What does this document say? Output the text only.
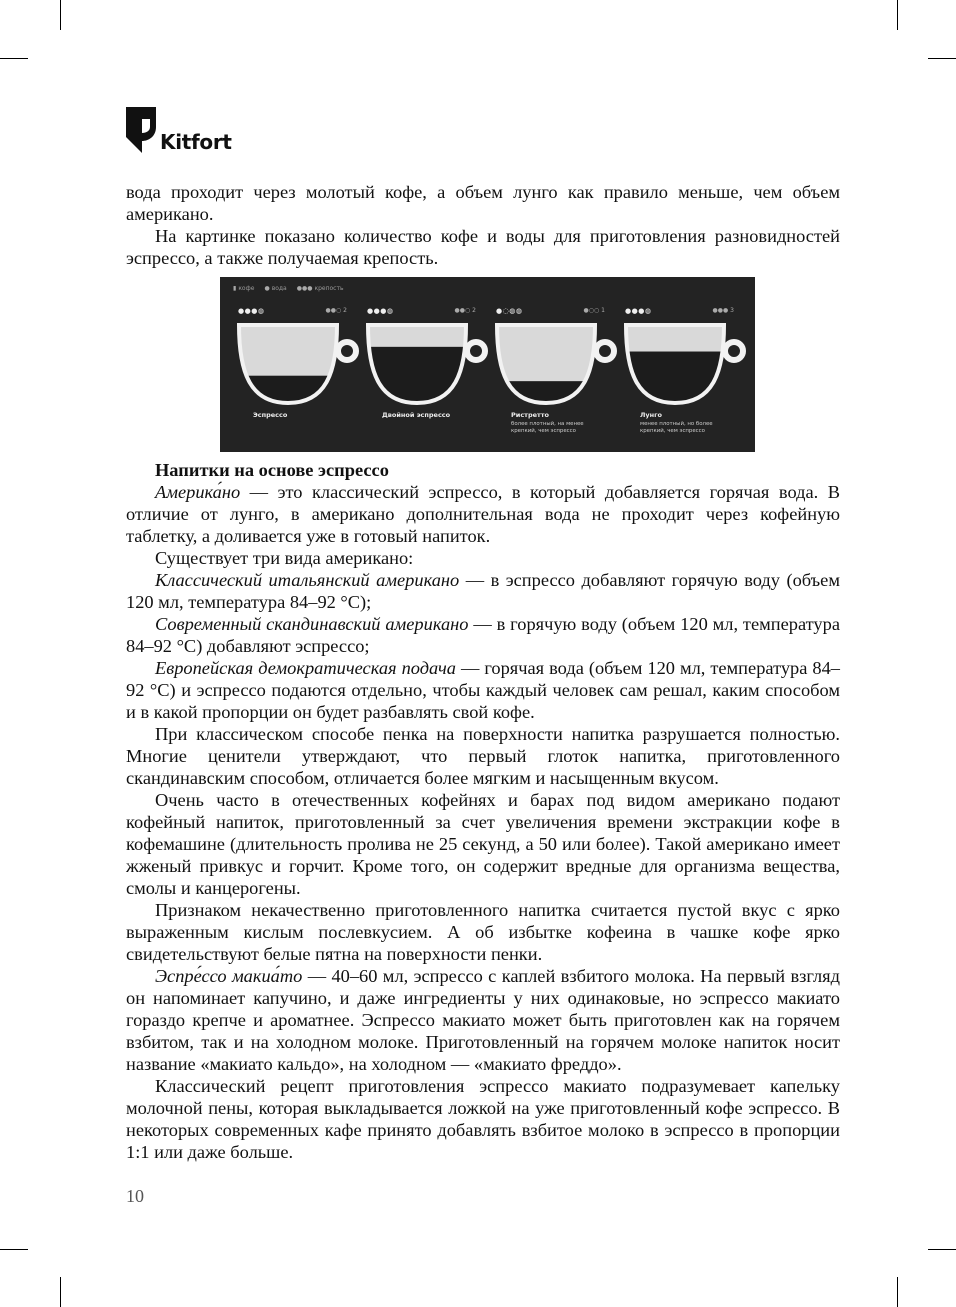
Kitfort

вода проходит через молотый кофе, а объем лунго как правило меньше, чем объем американо.

На картинке показано количество кофе и воды для приготовления разновидностей эспрессо, а также получаемая крепость.

▮ кофе ● вода ●●● крепость
●●●◍	●●○ 2
Эспрессо
●●●◍	●●○ 2
Двойной эспрессо
●◌◍◍	●○○ 1
Ристретто
более плотный, на менее крепкий, чем эспрессо
●●●◍	●●● 3
Лунго
менее плотный, но более крепкий, чем эспрессо
Напитки на основе эспрессо

Америка́но — это классический эспрессо, в который добавляется горячая вода. В отличие от лунго, в американо дополнительная вода не проходит через кофейную таблетку, а доливается уже в готовый напиток.

Существует три вида американо:

Классический итальянский американо — в эспрессо добавляют горячую воду (объем 120 мл, температура 84–92 °С);

Современный скандинавский американо — в горячую воду (объем 120 мл, температура 84–92 °С) добавляют эспрессо;

Европейская демократическая подача — горячая вода (объем 120 мл, температура 84–92 °С) и эспрессо подаются отдельно, чтобы каждый человек сам решал, каким способом и в какой пропорции он будет разбавлять свой кофе.

При классическом способе пенка на поверхности напитка разрушается полностью. Многие ценители утверждают, что первый глоток напитка, приготовленного скандинавским способом, отличается более мягким и насыщенным вкусом.

Очень часто в отечественных кофейнях и барах под видом американо подают кофейный напиток, приготовленный за счет увеличения времени экстракции кофе в кофемашине (длительность пролива не 25 секунд, а 50 или более). Такой американо имеет жженый привкус и горчит. Кроме того, он содержит вредные для организма вещества, смолы и канцерогены.

Признаком некачественно приготовленного напитка считается пустой вкус с ярко выраженным кислым послевкусием. А об избытке кофеина в чашке кофе ярко свидетельствуют белые пятна на поверхности пенки.

Эспре́ссо макиа́то — 40–60 мл, эспрессо с каплей взбитого молока. На первый взгляд он напоминает капучино, и даже ингредиенты у них одинаковые, но эспрессо макиато гораздо крепче и ароматнее. Эспрессо макиато может быть приготовлен как на горячем взбитом, так и на холодном молоке. Приготовленный на горячем молоке напиток носит название «макиато кальдо», на холодном — «макиато фреддо».

Классический рецепт приготовления эспрессо макиато подразумевает капельку молочной пены, которая выкладывается ложкой на уже приготовленный кофе эспрессо. В некоторых современных кафе принято добавлять взбитое молоко в эспрессо в пропорции 1:1 или даже больше.

10
